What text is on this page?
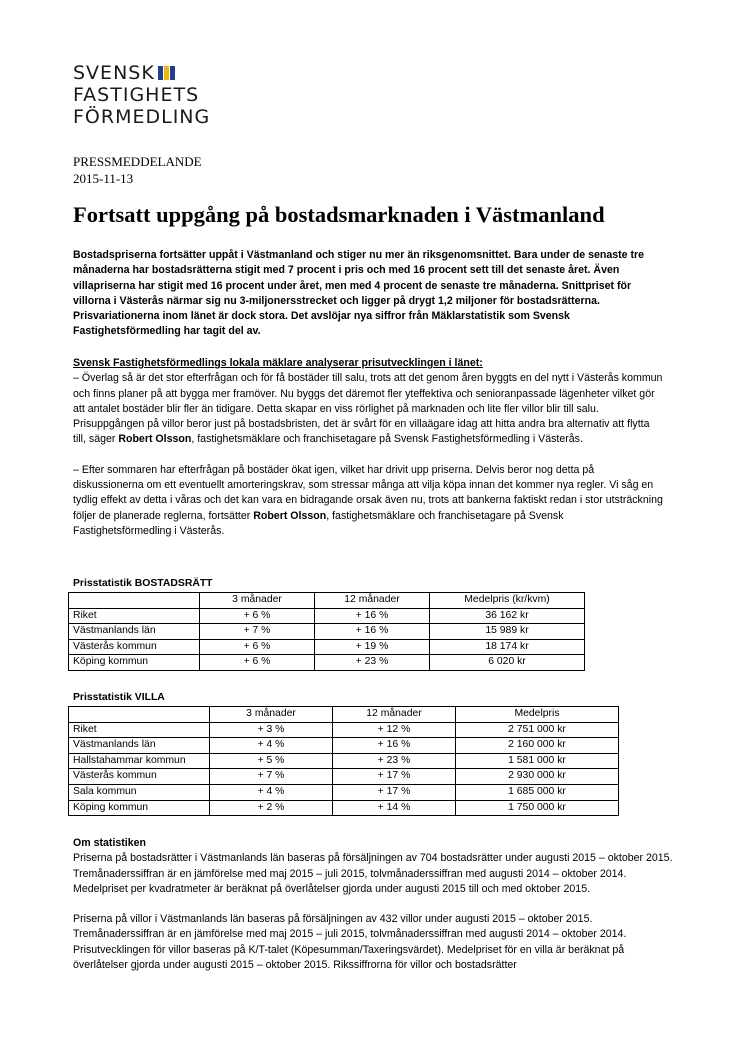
SVENSK
FASTIGHETS
FÖRMEDLING
PRESSMEDDELANDE
2015-11-13
Fortsatt uppgång på bostadsmarknaden i Västmanland
Bostadspriserna fortsätter uppåt i Västmanland och stiger nu mer än riksgenomsnittet. Bara under de senaste tre månaderna har bostadsrätterna stigit med 7 procent i pris och med 16 procent sett till det senaste året. Även villapriserna har stigit med 16 procent under året, men med 4 procent de senaste tre månaderna. Snittpriset för villorna i Västerås närmar sig nu 3-miljonersstrecket och ligger på drygt 1,2 miljoner för bostadsrätterna. Prisvariationerna inom länet är dock stora. Det avslöjar nya siffror från Mäklarstatistik som Svensk Fastighetsförmedling har tagit del av.
Svensk Fastighetsförmedlings lokala mäklare analyserar prisutvecklingen i länet:

– Överlag så är det stor efterfrågan och för få bostäder till salu, trots att det genom åren byggts en del nytt i Västerås kommun och finns planer på att bygga mer framöver. Nu byggs det däremot fler yteffektiva och senioranpassade lägenheter vilket gör att antalet bostäder blir fler än tidigare. Detta skapar en viss rörlighet på marknaden och lite fler villor blir till salu. Prisuppgången på villor beror just på bostadsbristen, det är svårt för en villaägare idag att hitta andra bra alternativ att flytta till, säger Robert Olsson, fastighetsmäklare och franchisetagare på Svensk Fastighetsförmedling i Västerås.

– Efter sommaren har efterfrågan på bostäder ökat igen, vilket har drivit upp priserna. Delvis beror nog detta på diskussionerna om ett eventuellt amorteringskrav, som stressar många att vilja köpa innan det kommer nya regler. Vi såg en tydlig effekt av detta i våras och det kan vara en bidragande orsak även nu, trots att bankerna faktiskt redan i stor utsträckning följer de planerade reglerna, fortsätter Robert Olsson, fastighetsmäklare och franchisetagare på Svensk Fastighetsförmedling i Västerås.

Prisstatistik BOSTADSRÄTT
	3 månader	12 månader	Medelpris (kr/kvm)
Riket	+ 6 %	+ 16 %	36 162 kr
Västmanlands län	+ 7 %	+ 16 %	15 989 kr
Västerås kommun	+ 6 %	+ 19 %	18 174 kr
Köping kommun	+ 6 %	+ 23 %	6 020 kr
Prisstatistik VILLA
	3 månader	12 månader	Medelpris
Riket	+ 3 %	+ 12 %	2 751 000 kr
Västmanlands län	+ 4 %	+ 16 %	2 160 000 kr
Hallstahammar kommun	+ 5 %	+ 23 %	1 581 000 kr
Västerås kommun	+ 7 %	+ 17 %	2 930 000 kr
Sala kommun	+ 4 %	+ 17 %	1 685 000 kr
Köping kommun	+ 2 %	+ 14 %	1 750 000 kr
Om statistiken

Priserna på bostadsrätter i Västmanlands län baseras på försäljningen av 704 bostadsrätter under augusti 2015 – oktober 2015. Tremånaderssiffran är en jämförelse med maj 2015 – juli 2015, tolvmånaderssiffran med augusti 2014 – oktober 2014. Medelpriset per kvadratmeter är beräknat på överlåtelser gjorda under augusti 2015 till och med oktober 2015.

Priserna på villor i Västmanlands län baseras på försäljningen av 432 villor under augusti 2015 – oktober 2015. Tremånaderssiffran är en jämförelse med maj 2015 – juli 2015, tolvmånaderssiffran med augusti 2014 – oktober 2014. Prisutvecklingen för villor baseras på K/T-talet (Köpesumman/Taxeringsvärdet). Medelpriset för en villa är beräknat på överlåtelser gjorda under augusti 2015 – oktober 2015. Rikssiffrorna för villor och bostadsrätter
